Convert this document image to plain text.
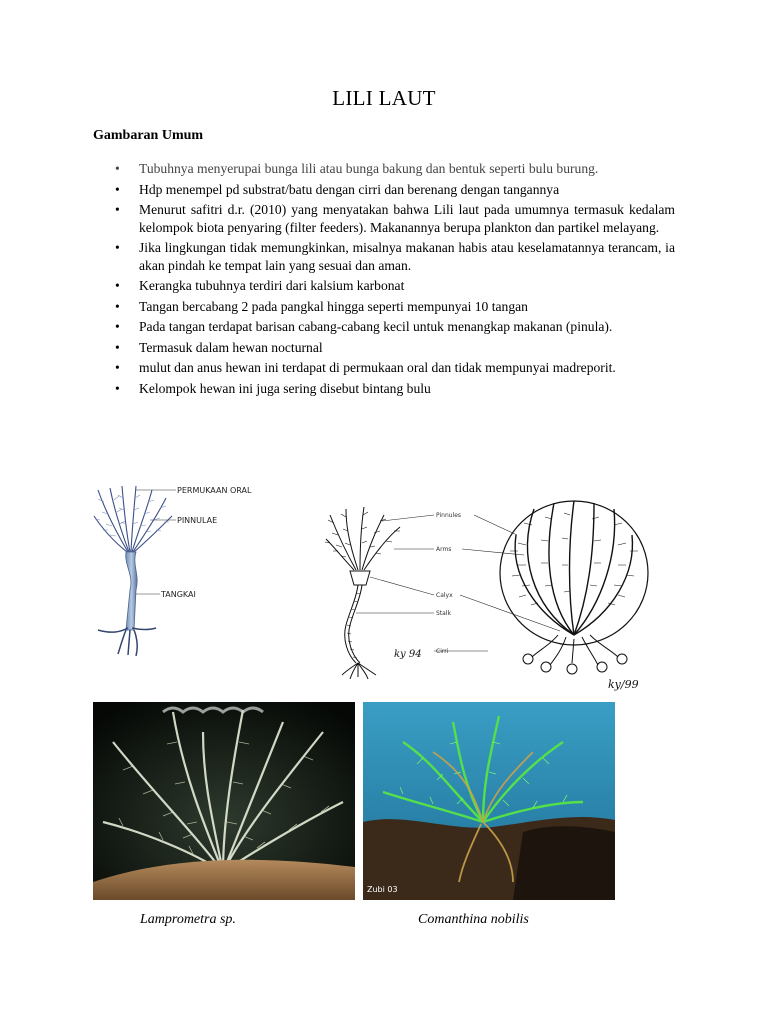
LILI LAUT
Gambaran Umum
• Tubuhnya menyerupai bunga lili atau bunga bakung dan bentuk seperti bulu burung.
• Hdp menempel pd substrat/batu dengan cirri dan berenang dengan tangannya
• Menurut safitri d.r. (2010) yang menyatakan bahwa Lili laut pada umumnya termasuk kedalam kelompok biota penyaring (filter feeders). Makanannya berupa plankton dan partikel melayang.
• Jika lingkungan tidak memungkinkan, misalnya makanan habis atau keselamatannya terancam, ia akan pindah ke tempat lain yang sesuai dan aman.
• Kerangka tubuhnya terdiri dari kalsium karbonat
• Tangan bercabang 2 pada pangkal hingga seperti mempunyai 10 tangan
• Pada tangan terdapat barisan cabang-cabang kecil untuk menangkap makanan (pinula).
• Termasuk dalam hewan nocturnal
• mulut dan anus hewan ini terdapat di permukaan oral dan tidak mempunyai madreporit.
• Kelompok hewan ini juga sering disebut bintang bulu
PERMUKAAN ORAL
PINNULAE
TANGKAI
Pinnules
Arms
Calyx
Stalk
Cirri
ky 94
ky/99
Zubi 03
Lamprometra sp.	Comanthina nobilis
